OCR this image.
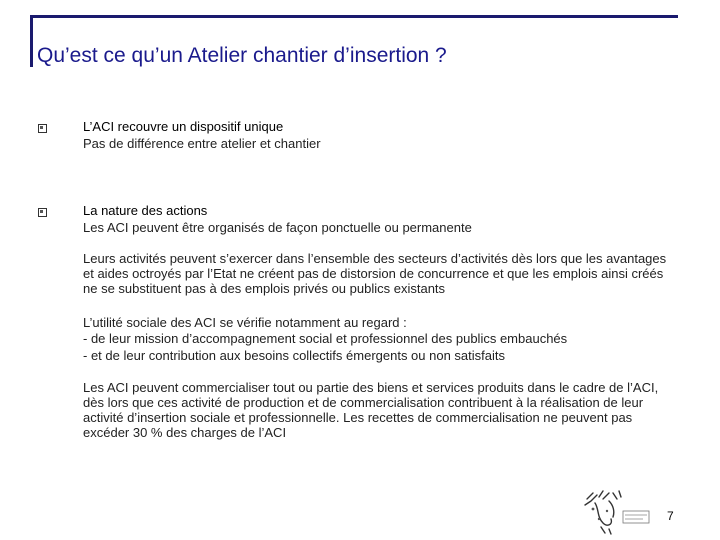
Qu’est ce qu’un Atelier chantier d’insertion ?
L’ACI recouvre un dispositif unique
Pas de différence entre atelier et chantier
La nature des actions
Les ACI peuvent être organisés de façon ponctuelle ou permanente
Leurs activités peuvent s’exercer dans l’ensemble des secteurs d’activités dès lors que les avantages et aides octroyés par l’Etat ne créent pas de distorsion de concurrence et que les emplois ainsi créés ne se substituent pas à des emplois privés ou publics existants
L’utilité sociale des ACI se vérifie notamment au regard :
- de leur mission d’accompagnement social et professionnel des publics embauchés
- et de leur contribution aux besoins collectifs émergents ou non satisfaits
Les ACI peuvent commercialiser tout ou partie des biens et services produits dans le cadre de l’ACI, dès lors que ces activité de production et de commercialisation contribuent à la réalisation de leur activité d’insertion sociale et professionnelle. Les recettes de commercialisation ne peuvent pas excéder 30 % des charges de l’ACI
7
